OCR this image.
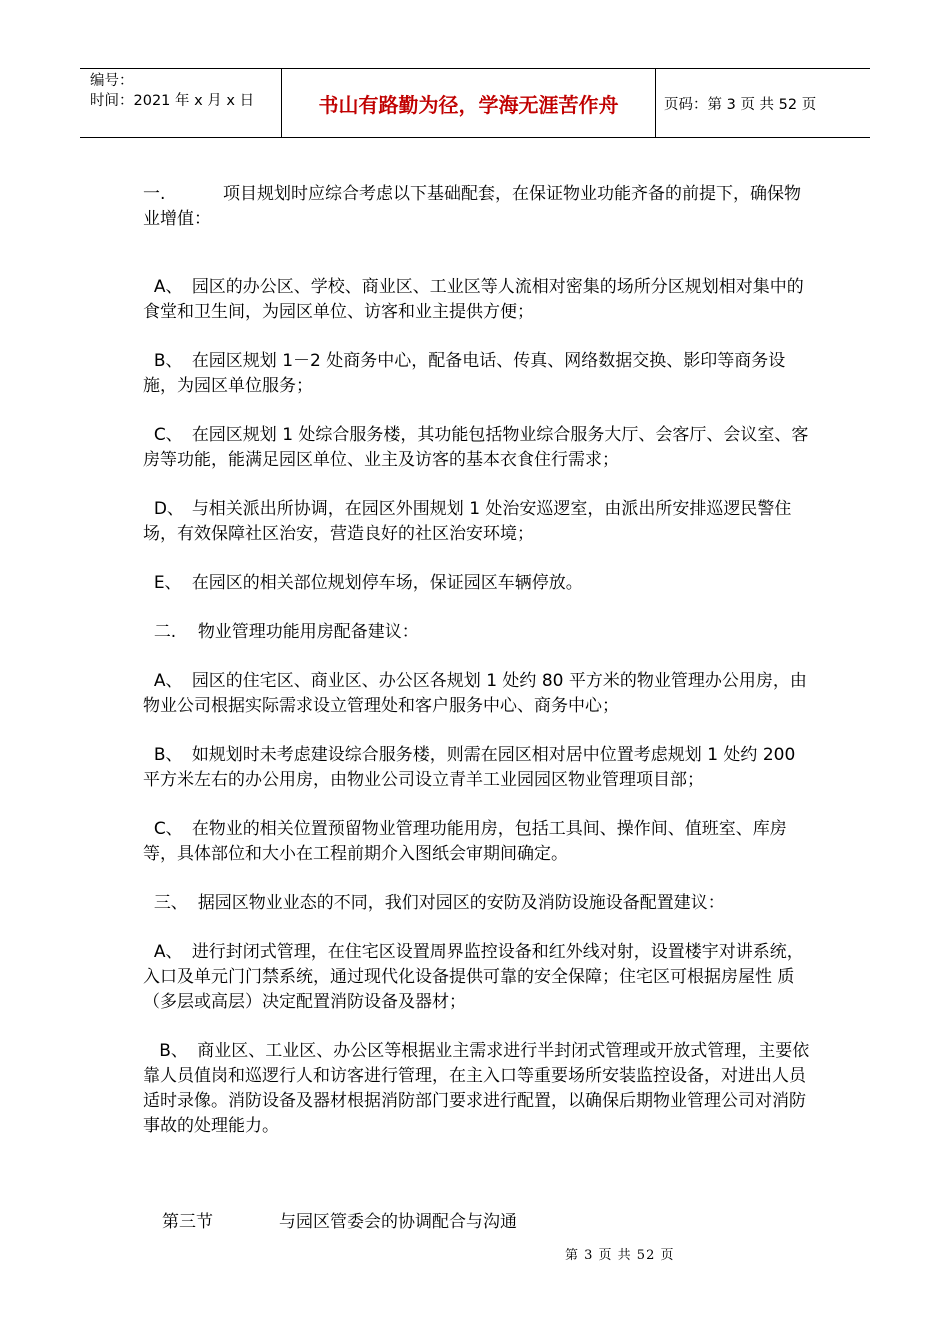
编号：
时间：2021 年 x 月 x 日	书山有路勤为径，学海无涯苦作舟	页码：第 3 页 共 52 页

一.	项目规划时应综合考虑以下基础配套，在保证物业功能齐备的前提下，确保物业增值：

A、 园区的办公区、学校、商业区、工业区等人流相对密集的场所分区规划相对集中的食堂和卫生间，为园区单位、访客和业主提供方便；

B、 在园区规划 1－2 处商务中心，配备电话、传真、网络数据交换、影印等商务设施，为园区单位服务；

C、 在园区规划 1 处综合服务楼，其功能包括物业综合服务大厅、会客厅、会议室、客房等功能，能满足园区单位、业主及访客的基本衣食住行需求；

D、 与相关派出所协调，在园区外围规划 1 处治安巡逻室，由派出所安排巡逻民警住场，有效保障社区治安，营造良好的社区治安环境；

E、 在园区的相关部位规划停车场，保证园区车辆停放。

二. 物业管理功能用房配备建议：

A、 园区的住宅区、商业区、办公区各规划 1 处约 80 平方米的物业管理办公用房，由物业公司根据实际需求设立管理处和客户服务中心、商务中心；

B、 如规划时未考虑建设综合服务楼，则需在园区相对居中位置考虑规划 1 处约 200 平方米左右的办公用房，由物业公司设立青羊工业园园区物业管理项目部；

C、 在物业的相关位置预留物业管理功能用房，包括工具间、操作间、值班室、库房等，具体部位和大小在工程前期介入图纸会审期间确定。

三、 据园区物业业态的不同，我们对园区的安防及消防设施设备配置建议：

A、 进行封闭式管理，在住宅区设置周界监控设备和红外线对射，设置楼宇对讲系统，入口及单元门门禁系统，通过现代化设备提供可靠的安全保障；住宅区可根据房屋性 质（多层或高层）决定配置消防设备及器材；

B、 商业区、工业区、办公区等根据业主需求进行半封闭式管理或开放式管理，主要依靠人员值岗和巡逻行人和访客进行管理，在主入口等重要场所安装监控设备，对进出人员适时录像。消防设备及器材根据消防部门要求进行配置，以确保后期物业管理公司对消防事故的处理能力。

第三节	与园区管委会的协调配合与沟通
第 3 页 共 52 页
